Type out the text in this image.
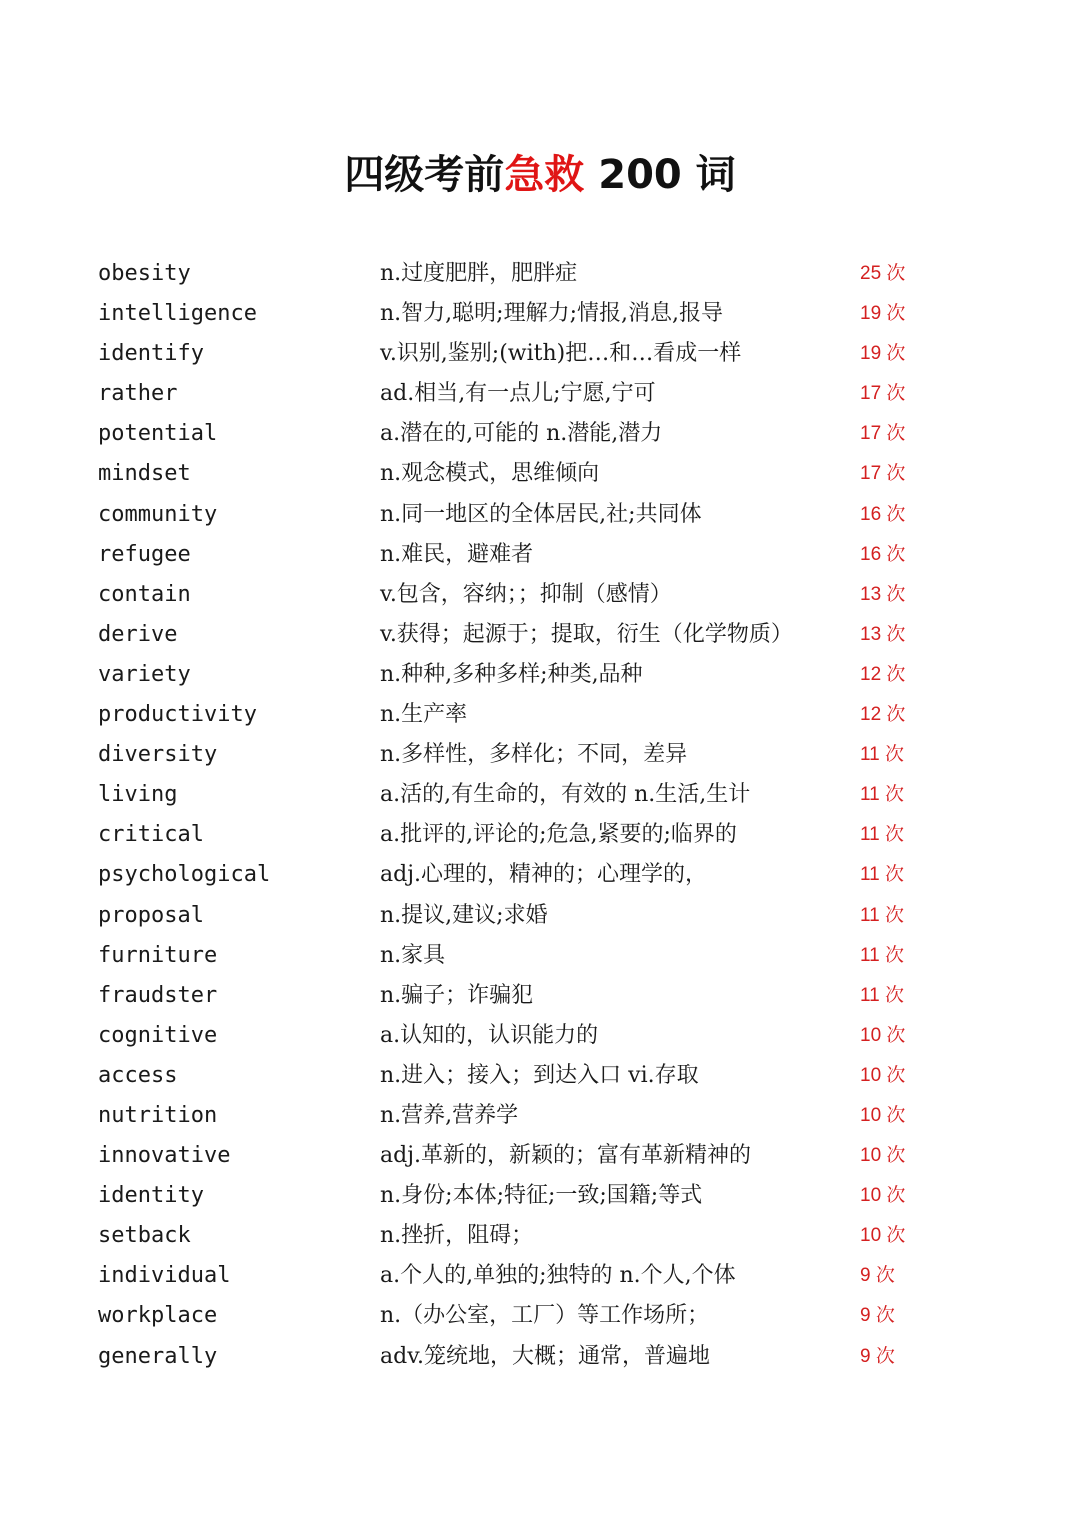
四级考前急救 200 词
obesity	n.过度肥胖，肥胖症	25 次
intelligence	n.智力,聪明;理解力;情报,消息,报导	19 次
identify	v.识别,鉴别;(with)把…和…看成一样	19 次
rather	ad.相当,有一点儿;宁愿,宁可	17 次
potential	a.潜在的,可能的 n.潜能,潜力	17 次
mindset	n.观念模式，思维倾向	17 次
community	n.同一地区的全体居民,社;共同体	16 次
refugee	n.难民，避难者	16 次
contain	v.包含，容纳；；抑制（感情）	13 次
derive	v.获得；起源于；提取，衍生（化学物质）	13 次
variety	n.种种,多种多样;种类,品种	12 次
productivity	n.生产率	12 次
diversity	n.多样性，多样化；不同，差异	11 次
living	a.活的,有生命的，有效的 n.生活,生计	11 次
critical	a.批评的,评论的;危急,紧要的;临界的	11 次
psychological	adj.心理的，精神的；心理学的，	11 次
proposal	n.提议,建议;求婚	11 次
furniture	n.家具	11 次
fraudster	n.骗子；诈骗犯	11 次
cognitive	a.认知的，认识能力的	10 次
access	n.进入；接入；到达入口 vi.存取	10 次
nutrition	n.营养,营养学	10 次
innovative	adj.革新的，新颖的；富有革新精神的	10 次
identity	n.身份;本体;特征;一致;国籍;等式	10 次
setback	n.挫折，阻碍；	10 次
individual	a.个人的,单独的;独特的 n.个人,个体	9 次
workplace	n.（办公室，工厂）等工作场所；	9 次
generally	adv.笼统地，大概；通常，普遍地	9 次
